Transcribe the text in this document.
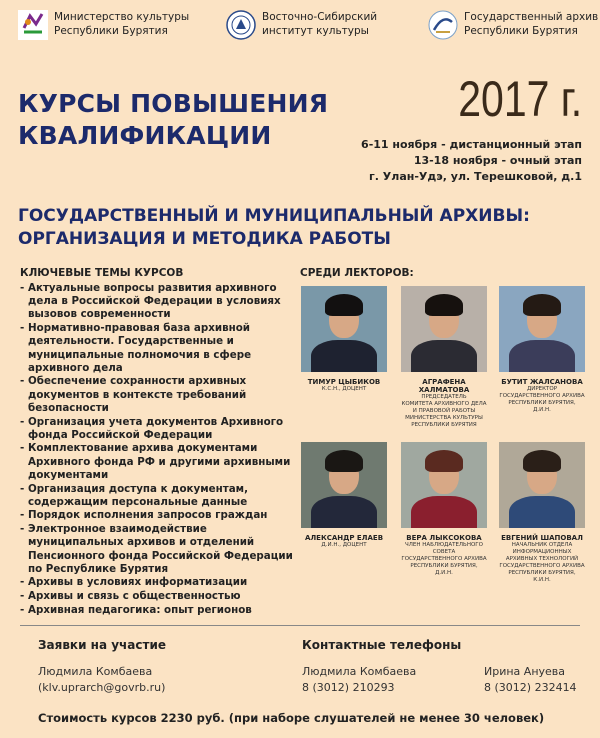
Министерство культуры
Республики Бурятия
Восточно-Сибирский
институт культуры
Государственный архив
Республики Бурятия
КУРСЫ ПОВЫШЕНИЯ
КВАЛИФИКАЦИИ
2017 г.
6-11 ноября - дистанционный этап
13-18 ноября - очный этап
г. Улан-Удэ, ул. Терешковой, д.1
ГОСУДАРСТВЕННЫЙ И МУНИЦИПАЛЬНЫЙ АРХИВЫ:
ОРГАНИЗАЦИЯ И МЕТОДИКА РАБОТЫ
КЛЮЧЕВЫЕ ТЕМЫ КУРСОВ
- Актуальные вопросы развития архивного дела в Российской Федерации в условиях вызовов современности
- Нормативно-правовая база архивной деятельности. Государственные и муниципальные полномочия в сфере архивного дела
- Обеспечение сохранности архивных документов в контексте требований безопасности
- Организация учета документов Архивного фонда Российской Федерации
- Комплектование архива документами Архивного фонда РФ и другими архивными документами
- Организация доступа к документам, содержащим персональные данные
- Порядок исполнения запросов граждан
- Электронное взаимодействие муниципальных архивов и отделений Пенсионного фонда Российской Федерации по Республике Бурятия
- Архивы в условиях информатизации
- Архивы и связь с общественностью
- Архивная педагогика: опыт регионов
СРЕДИ ЛЕКТОРОВ:
ТИМУР ЦЫБИКОВ
К.С.Н., ДОЦЕНТ
АГРАФЕНА ХАЛМАТОВА
ПРЕДСЕДАТЕЛЬ
КОМИТЕТА АРХИВНОГО ДЕЛА
И ПРАВОВОЙ РАБОТЫ
МИНИСТЕРСТВА КУЛЬТУРЫ
РЕСПУБЛИКИ БУРЯТИЯ
БУТИТ ЖАЛСАНОВА
ДИРЕКТОР
ГОСУДАРСТВЕННОГО АРХИВА
РЕСПУБЛИКИ БУРЯТИЯ,
Д.И.Н.
АЛЕКСАНДР ЕЛАЕВ
Д.И.Н., ДОЦЕНТ
ВЕРА ЛЫКСОКОВА
ЧЛЕН НАБЛЮДАТЕЛЬНОГО СОВЕТА
ГОСУДАРСТВЕННОГО АРХИВА
РЕСПУБЛИКИ БУРЯТИЯ,
Д.И.Н.
ЕВГЕНИЙ ШАПОВАЛ
НАЧАЛЬНИК ОТДЕЛА
ИНФОРМАЦИОННЫХ
АРХИВНЫХ ТЕХНОЛОГИЙ
ГОСУДАРСТВЕННОГО АРХИВА
РЕСПУБЛИКИ БУРЯТИЯ,
К.И.Н.
Заявки на участие
Людмила Комбаева
(klv.uprarch@govrb.ru)
Контактные телефоны
Людмила Комбаева
8 (3012) 210293
Ирина Ануева
8 (3012) 232414
Стоимость курсов 2230 руб. (при наборе слушателей не менее 30 человек)
